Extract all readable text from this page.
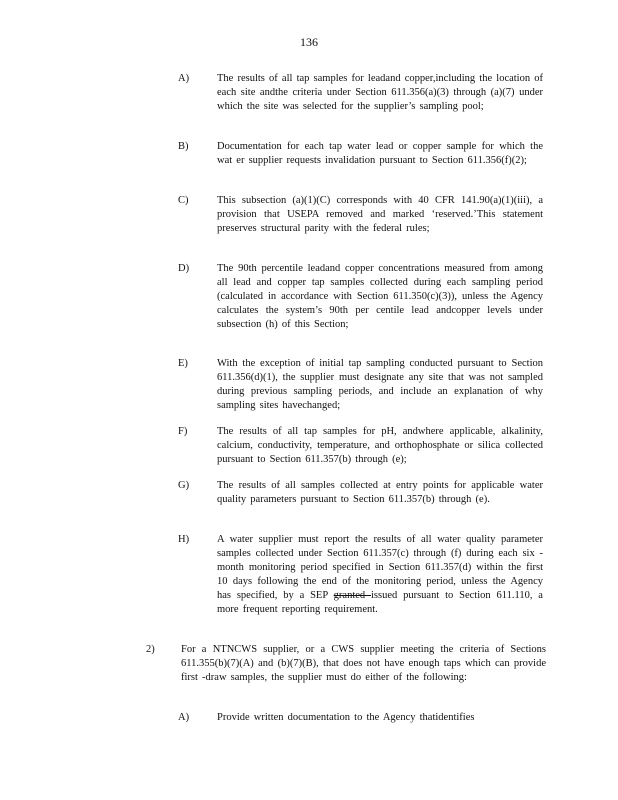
136
A)	The results of all tap samples for leadand copper,including the location of each site andthe criteria under Section 611.356(a)(3) through (a)(7) under which the site was selected for the supplier’s sampling pool;
B)	Documentation for each tap water lead or copper sample for which the wat er supplier requests invalidation pursuant to Section 611.356(f)(2);
C)	This subsection (a)(1)(C) corresponds with 40 CFR 141.90(a)(1)(iii), a provision that USEPA removed and marked ‘reserved.’This statement preserves structural parity with the federal rules;
D)	The 90th percentile leadand copper concentrations measured from among all lead and copper tap samples collected during each sampling period (calculated in accordance with Section 611.350(c)(3)), unless the Agency calculates the system’s 90th per centile lead andcopper levels under subsection (h) of this Section;
E)	With the exception of initial tap sampling conducted pursuant to Section 611.356(d)(1), the supplier must designate any site that was not sampled during previous sampling periods, and include an explanation of why sampling sites havechanged;
F)	The results of all tap samples for pH, andwhere applicable, alkalinity, calcium, conductivity, temperature, and orthophosphate or silica collected pursuant to Section 611.357(b) through (e);
G)	The results of all samples collected at entry points for applicable water quality parameters pursuant to Section 611.357(b) through (e).
H)	A water supplier must report the results of all water quality parameter samples collected under Section 611.357(c) through (f) during each six -month monitoring period specified in Section 611.357(d) within the first 10 days following the end of the monitoring period, unless the Agency has specified, by a SEP granted issued pursuant to Section 611.110, a more frequent reporting requirement.
2)	For a NTNCWS supplier, or a CWS supplier meeting the criteria of Sections 611.355(b)(7)(A) and (b)(7)(B), that does not have enough taps which can provide first -draw samples, the supplier must do either of the following:
A)	Provide written documentation to the Agency thatidentifies
